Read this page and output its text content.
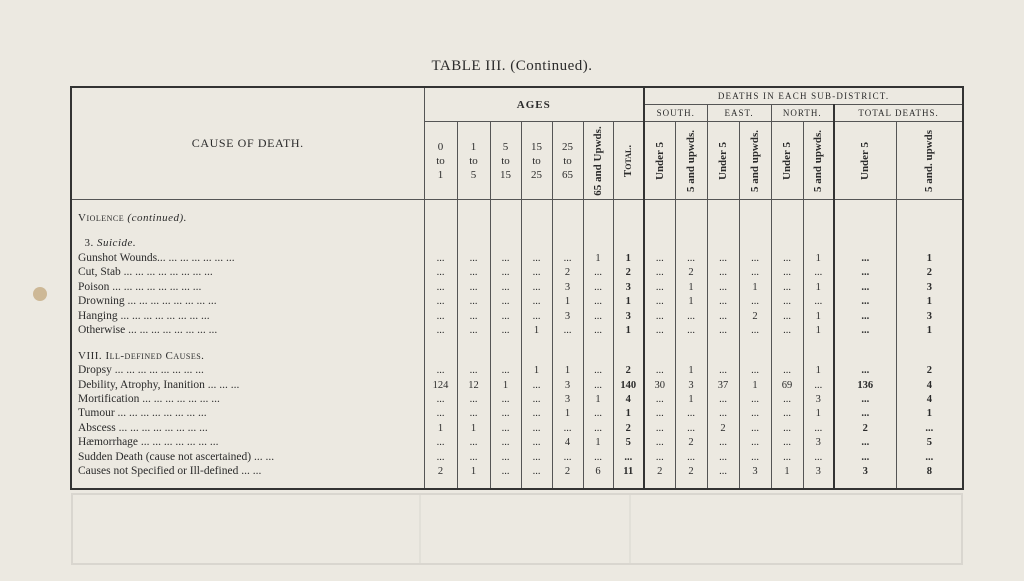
TABLE III. (Continued).
CAUSE OF DEATH.	AGES							DEATHS IN EACH SUB-DISTRICT.							
								SOUTH.		EAST.		NORTH.		TOTAL DEATHS.	
	0
to
1	1
to
5	5
to
15	15
to
25	25
to
65	65 and Upwds.	Total.	Under 5	5 and upwds.	Under 5	5 and upwds.	Under 5	5 and upwds.	Under 5	5 and. upwds

Violence (continued).															

3. Suicide.															
Gunshot Wounds... ... ... ... ... ... ...	...	...	...	...	...	1	1	...	...	...	...	...	1	...	1
Cut, Stab ... ... ... ... ... ... ... ...	...	...	...	...	2	...	2	...	2	...	...	...	...	...	2
Poison ... ... ... ... ... ... ... ...	...	...	...	...	3	...	3	...	1	...	1	...	1	...	3
Drowning ... ... ... ... ... ... ... ...	...	...	...	...	1	...	1	...	1	...	...	...	...	...	1
Hanging ... ... ... ... ... ... ... ...	...	...	...	...	3	...	3	...	...	...	2	...	1	...	3
Otherwise ... ... ... ... ... ... ... ...	...	...	...	1	...	...	1	...	...	...	...	...	1	...	1

VIII. Ill-defined Causes.															
Dropsy ... ... ... ... ... ... ... ...	...	...	...	1	1	...	2	...	1	...	...	...	1	...	2
Debility, Atrophy, Inanition ... ... ...	124	12	1	...	3	...	140	30	3	37	1	69	...	136	4
Mortification ... ... ... ... ... ... ...	...	...	...	...	3	1	4	...	1	...	...	...	3	...	4
Tumour ... ... ... ... ... ... ... ...	...	...	...	...	1	...	1	...	...	...	...	...	1	...	1
Abscess ... ... ... ... ... ... ... ...	1	1	...	...	...	...	2	...	...	2	...	...	...	2	...
Hæmorrhage ... ... ... ... ... ... ...	...	...	...	...	4	1	5	...	2	...	...	...	3	...	5
Sudden Death (cause not ascertained) ... ...	...	...	...	...	...	...	...	...	...	...	...	...	...	...	...
Causes not Specified or Ill-defined ... ...	2	1	...	...	2	6	11	2	2	...	3	1	3	3	8
